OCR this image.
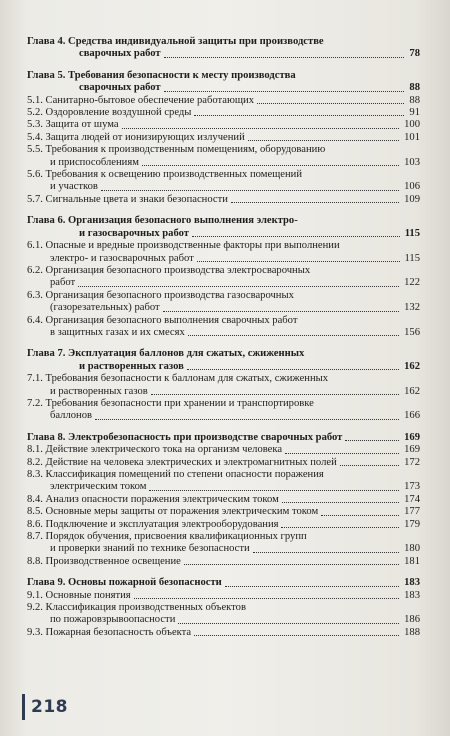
Глава 4. Средства индивидуальной защиты при производстве
сварочных работ	78
Глава 5. Требования безопасности к месту производства
сварочных работ	88
5.1. Санитарно-бытовое обеспечение работающих	88
5.2. Оздоровление воздушной среды	91
5.3. Защита от шума	100
5.4. Защита людей от ионизирующих излучений	101
5.5. Требования к производственным помещениям, оборудованию
и приспособлениям	103
5.6. Требования к освещению производственных помещений
и участков	106
5.7. Сигнальные цвета и знаки безопасности	109
Глава 6. Организация безопасного выполнения электро-
и газосварочных работ	115
6.1. Опасные и вредные производственные факторы при выполнении
электро- и газосварочных работ	115
6.2. Организация безопасного производства электросварочных
работ	122
6.3. Организация безопасного производства газосварочных
(газорезательных) работ	132
6.4. Организация безопасного выполнения сварочных работ
в защитных газах и их смесях	156
Глава 7. Эксплуатация баллонов для сжатых, сжиженных
и растворенных газов	162
7.1. Требования безопасности к баллонам для сжатых, сжиженных
и растворенных газов	162
7.2. Требования безопасности при хранении и транспортировке
баллонов	166
Глава 8. Электробезопасность при производстве сварочных работ	169
8.1. Действие электрического тока на организм человека	169
8.2. Действие на человека электрических и электромагнитных полей	172
8.3. Классификация помещений по степени опасности поражения
электрическим током	173
8.4. Анализ опасности поражения электрическим током	174
8.5. Основные меры защиты от поражения электрическим током	177
8.6. Подключение и эксплуатация электрооборудования	179
8.7. Порядок обучения, присвоения квалификационных групп
и проверки знаний по технике безопасности	180
8.8. Производственное освещение	181
Глава 9. Основы пожарной безопасности	183
9.1. Основные понятия	183
9.2. Классификация производственных объектов
по пожаровзрывоопасности	186
9.3. Пожарная безопасность объекта	188
218
